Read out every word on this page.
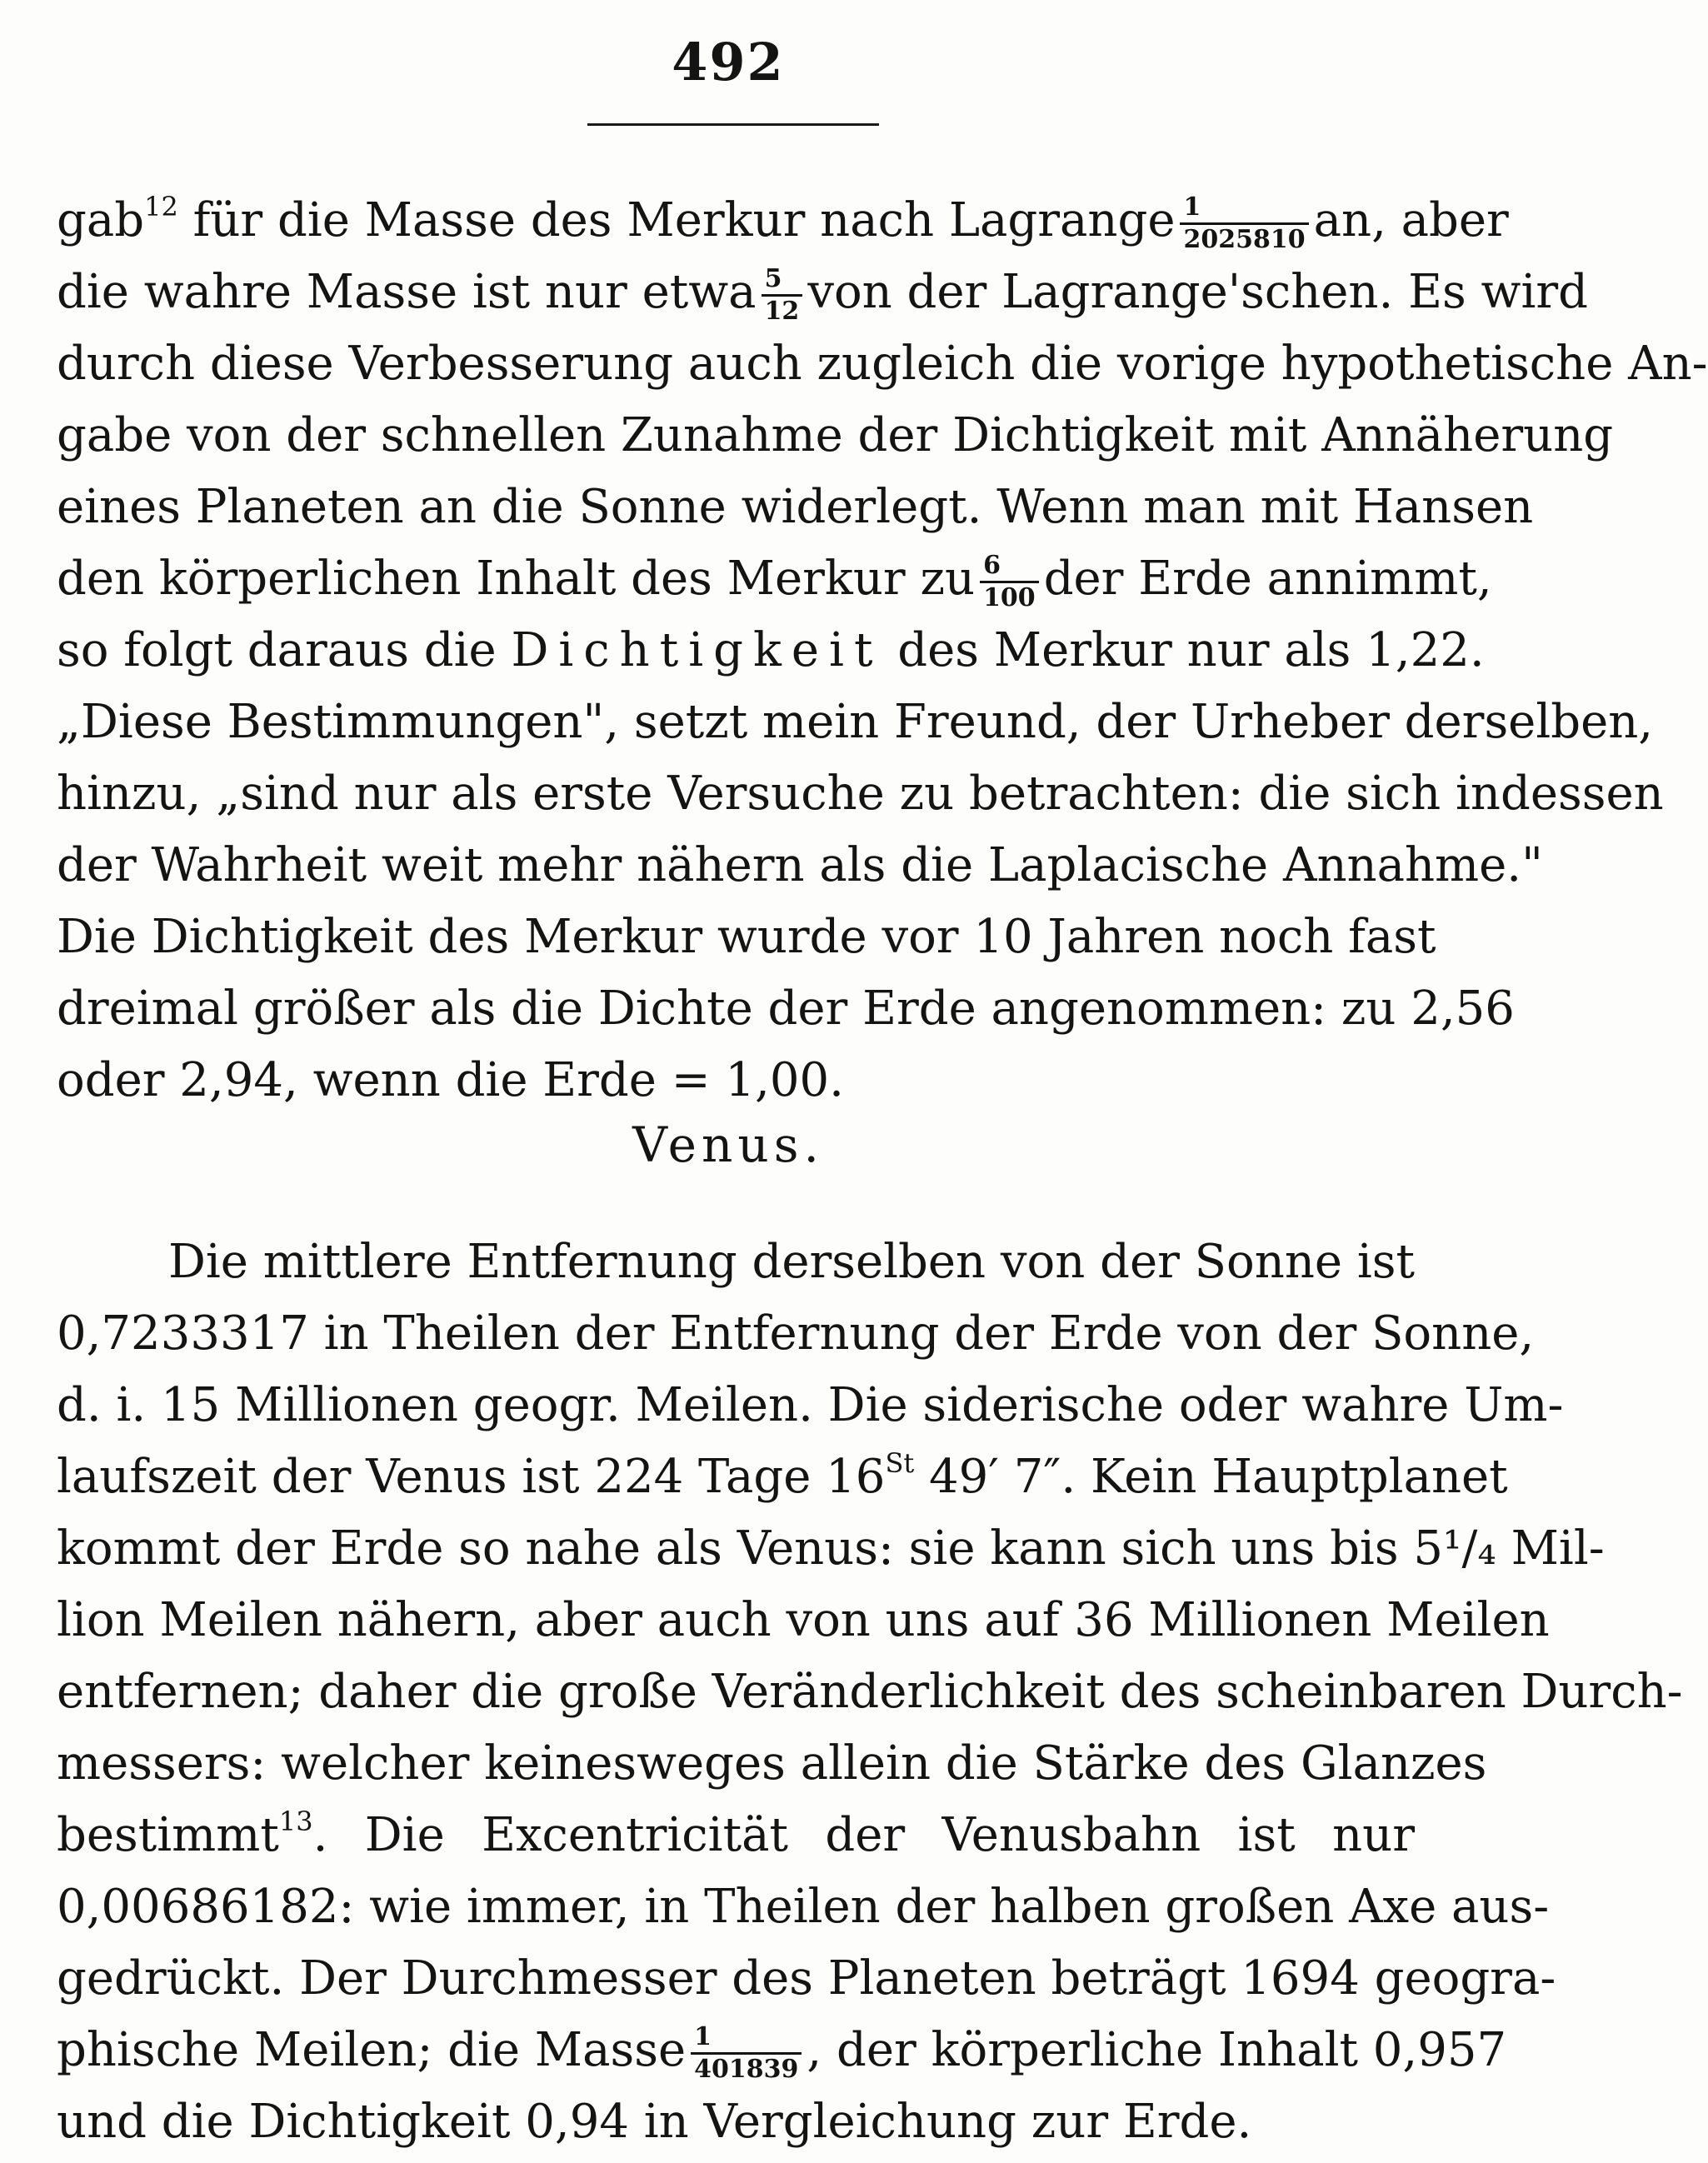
492
gab$^{12}$ für die Masse des Merkur nach Lagrange $\frac{1}{2025810}$ an, aber
die wahre Masse ist nur etwa $\frac{5}{12}$ von der Lagrange'schen. Es wird
durch diese Verbesserung auch zugleich die vorige hypothetische An-
gabe von der schnellen Zunahme der Dichtigkeit mit Annäherung
eines Planeten an die Sonne widerlegt. Wenn man mit Hansen
den körperlichen Inhalt des Merkur zu $\frac{6}{100}$ der Erde annimmt,
so folgt daraus die Dichtigkeit des Merkur nur als 1,22.
„Diese Bestimmungen", setzt mein Freund, der Urheber derselben,
hinzu, „sind nur als erste Versuche zu betrachten: die sich indessen
der Wahrheit weit mehr nähern als die Laplacische Annahme."
Die Dichtigkeit des Merkur wurde vor 10 Jahren noch fast
dreimal größer als die Dichte der Erde angenommen: zu 2,56
oder 2,94, wenn die Erde = 1,00.
Venus.
Die mittlere Entfernung derselben von der Sonne ist
0,7233317 in Theilen der Entfernung der Erde von der Sonne,
d. i. 15 Millionen geogr. Meilen. Die siderische oder wahre Um-
laufszeit der Venus ist 224 Tage 16St 49′ 7″. Kein Hauptplanet
kommt der Erde so nahe als Venus: sie kann sich uns bis 5¹/₄ Mil-
lion Meilen nähern, aber auch von uns auf 36 Millionen Meilen
entfernen; daher die große Veränderlichkeit des scheinbaren Durch-
messers: welcher keinesweges allein die Stärke des Glanzes
bestimmt$^{13}$. Die Excentricität der Venusbahn ist nur
0,00686182: wie immer, in Theilen der halben großen Axe aus-
gedrückt. Der Durchmesser des Planeten beträgt 1694 geogra-
phische Meilen; die Masse $\frac{1}{401839}$ , der körperliche Inhalt 0,957
und die Dichtigkeit 0,94 in Vergleichung zur Erde.
